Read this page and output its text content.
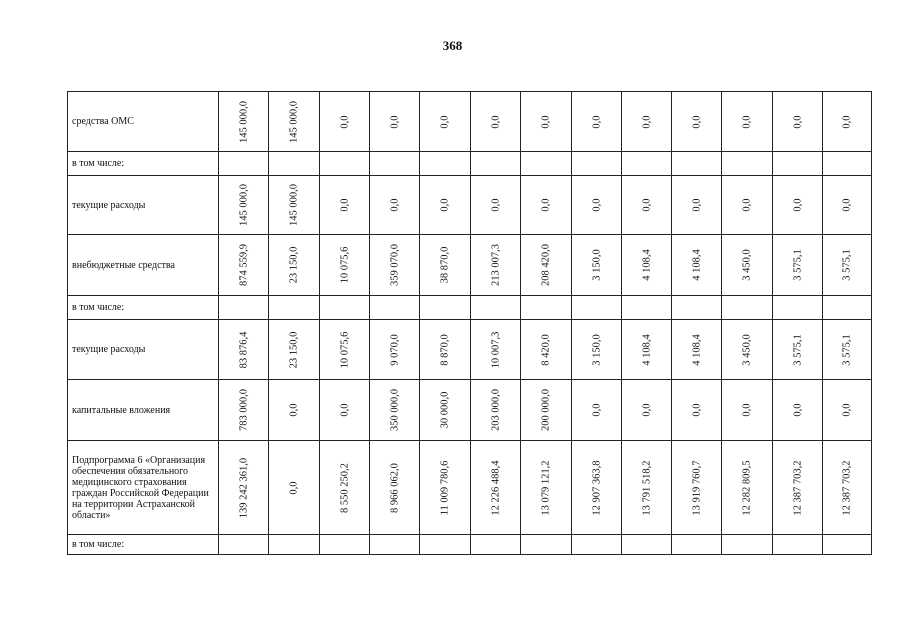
368
средства ОМС	145 000,0	145 000,0	0,0	0,0	0,0	0,0	0,0	0,0	0,0	0,0	0,0	0,0	0,0

в том числе:													
текущие расходы	145 000,0	145 000,0	0,0	0,0	0,0	0,0	0,0	0,0	0,0	0,0	0,0	0,0	0,0

внебюджетные средства	874 559,9	23 150,0	10 075,6	359 070,0	38 870,0	213 007,3	208 420,0	3 150,0	4 108,4	4 108,4	3 450,0	3 575,1	3 575,1

в том числе:													
текущие расходы	83 876,4	23 150,0	10 075,6	9 070,0	8 870,0	10 007,3	8 420,0	3 150,0	4 108,4	4 108,4	3 450,0	3 575,1	3 575,1

капитальные вложения	783 000,0	0,0	0,0	350 000,0	30 000,0	203 000,0	200 000,0	0,0	0,0	0,0	0,0	0,0	0,0

Подпрограмма 6 «Организация обеспечения обязательного медицинского страхования граждан Российской Федерации на территории Астраханской области»	139 242 361,0	0,0	8 550 250,2	8 966 062,0	11 009 780,6	12 226 488,4	13 079 121,2	12 907 363,8	13 791 518,2	13 919 760,7	12 282 809,5	12 387 703,2	12 387 703,2

в том числе:													
